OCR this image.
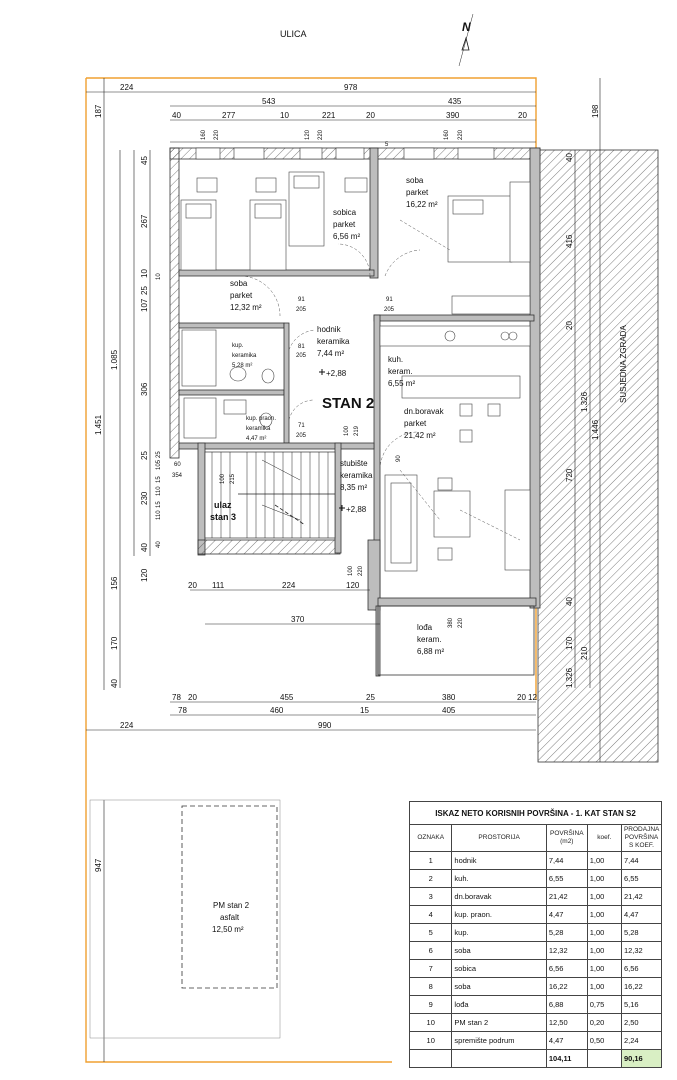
ULICA	N
SUSJEDNA ZGRADA
PM stan 2
asfalt
12,50 m²
sobica
parket
6,56 m²
soba
parket
16,22 m²
soba
parket
12,32 m²
hodnik
keramika
7,44 m²
kup.
keramika
5,28 m²
kuh.
keram.
6,55 m²
kup. praon.
keramika
4,47 m²
dn.boravak
parket
21,42 m²
stubište
keramika
8,35 m²
lođa
keram.
6,88 m²
STAN 2
ulaz
stan 3
+2,88
+2,88
224	978
543	435
40	277	10	221	20	390	20
5
160 220	120 220	160 220
91
205
91
205
81
205
71
205	100 219
100 215
100 220
45
267
10
107
25
306
25
230
40
120
105
110
110
40
15
15
25
10
1.085
156
170
40
187
1.451
947
198
40
416
20
720
40
170
1.326
210
1.326
1.446
20 111	224	120
370
60
354
380 220
90
78 20	455	25	380	20 12
78	460	15	405
224	990
ISKAZ NETO KORISNIH POVRŠINA - 1. KAT STAN S2				
OZNAKA	PROSTORIJA	POVRŠINA (m2)	koef.	PRODAJNA POVRŠINA S KOEF.
1	hodnik	7,44	1,00	7,44
2	kuh.	6,55	1,00	6,55
3	dn.boravak	21,42	1,00	21,42
4	kup. praon.	4,47	1,00	4,47
5	kup.	5,28	1,00	5,28
6	soba	12,32	1,00	12,32
7	sobica	6,56	1,00	6,56
8	soba	16,22	1,00	16,22
9	lođa	6,88	0,75	5,16
10	PM stan 2	12,50	0,20	2,50
10	spremište podrum	4,47	0,50	2,24
		104,11		90,16
